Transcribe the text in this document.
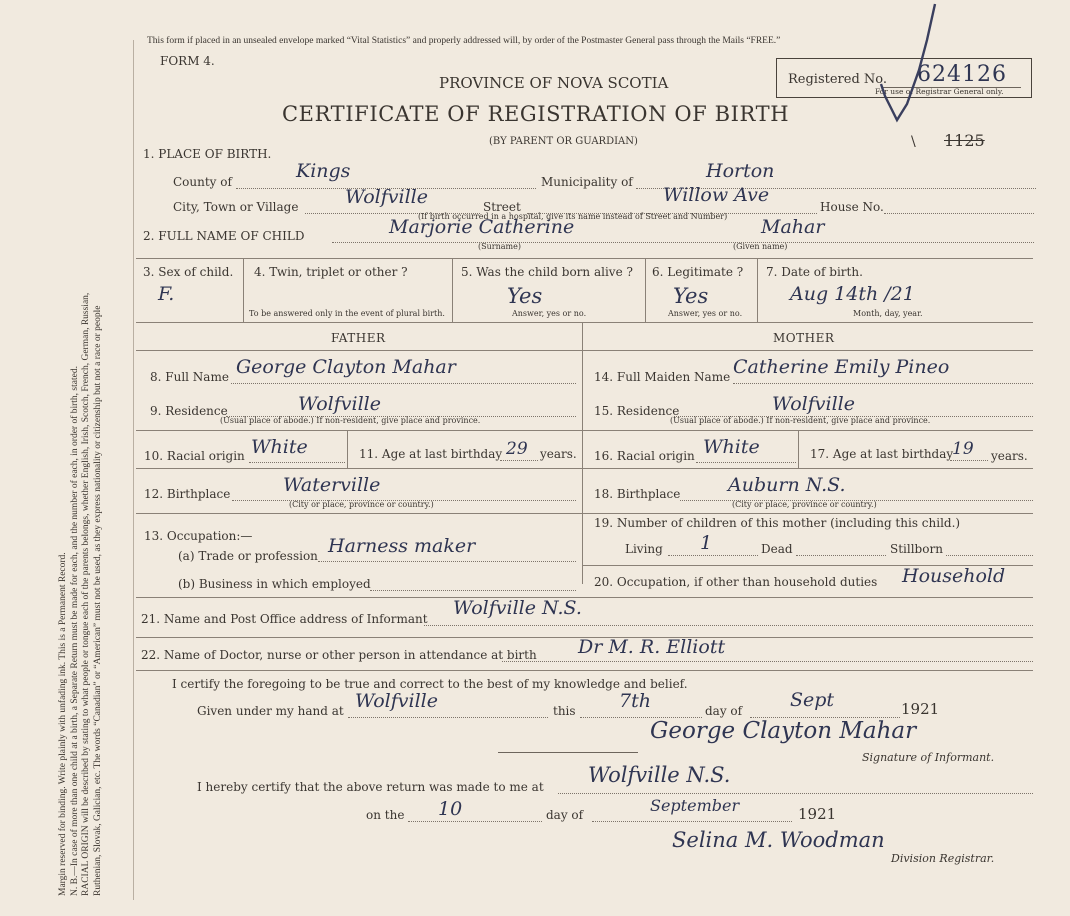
Margin reserved for binding. Write plainly with unfading ink. This is a Permanent Record. N. B.—In case of more than one child at a birth, a Separate Return must be made for each, and the number of each, in order of birth, stated. RACIAL ORIGIN will be described by stating to what people or tongue each of the parents belongs, whether English, Irish, Scotch, French, German, Russian, Ruthenian, Slovak, Galician, etc. The words “Canadian” or “American” must not be used, as they express nationality or citizenship but not a race or people
This form if placed in an unsealed envelope marked “Vital Statistics” and properly addressed will, by order of the Postmaster General pass through the Mails “FREE.”
FORM 4.
PROVINCE OF NOVA SCOTIA
CERTIFICATE OF REGISTRATION OF BIRTH
(BY PARENT OR GUARDIAN)
Registered No. 624126
For use of Registrar General only.
\ 1125
1. PLACE OF BIRTH.
County of	Kings	Municipality of	Horton
City, Town or Village Wolfville	Street
Willow Ave
House No.
(If birth occurred in a hospital, give its name instead of Street and Number)
2. FULL NAME OF CHILD	Marjorie Catherine	Mahar
(Surname)	(Given name)
3. Sex of child.
F.
4. Twin, triplet or other ?
To be answered only in the event of plural birth.
5. Was the child born alive ?
Yes
Answer, yes or no.
6. Legitimate ?
Yes
Answer, yes or no.
7. Date of birth.
Aug 14th /21
Month, day, year.
FATHER	MOTHER
8. Full Name George Clayton Mahar
9. Residence	Wolfville
(Usual place of abode.) If non-resident, give place and province.
10. Racial origin White	11. Age at last birthday 29 years.
12. Birthplace	Waterville
(City or place, province or country.)
13. Occupation:—
(a) Trade or profession Harness maker
(b) Business in which employed
14. Full Maiden Name Catherine Emily Pineo
15. Residence	Wolfville
(Usual place of abode.) If non-resident, give place and province.
16. Racial origin White	17. Age at last birthday
19 years.
18. Birthplace	Auburn N.S.
(City or place, province or country.)
19. Number of children of this mother (including this child.)
Living 1	Dead	Stillborn
20. Occupation, if other than household duties Household
21. Name and Post Office address of Informant Wolfville N.S.
22. Name of Doctor, nurse or other person in attendance at birth Dr M. R. Elliott
I certify the foregoing to be true and correct to the best of my knowledge and belief.
Given under my hand at Wolfville	this 7th	day of	Sept	1921
George Clayton Mahar
Signature of Informant.
I hereby certify that the above return was made to me at Wolfville N.S.
on the 10	day of	September	1921
Selina M. Woodman
Division Registrar.
